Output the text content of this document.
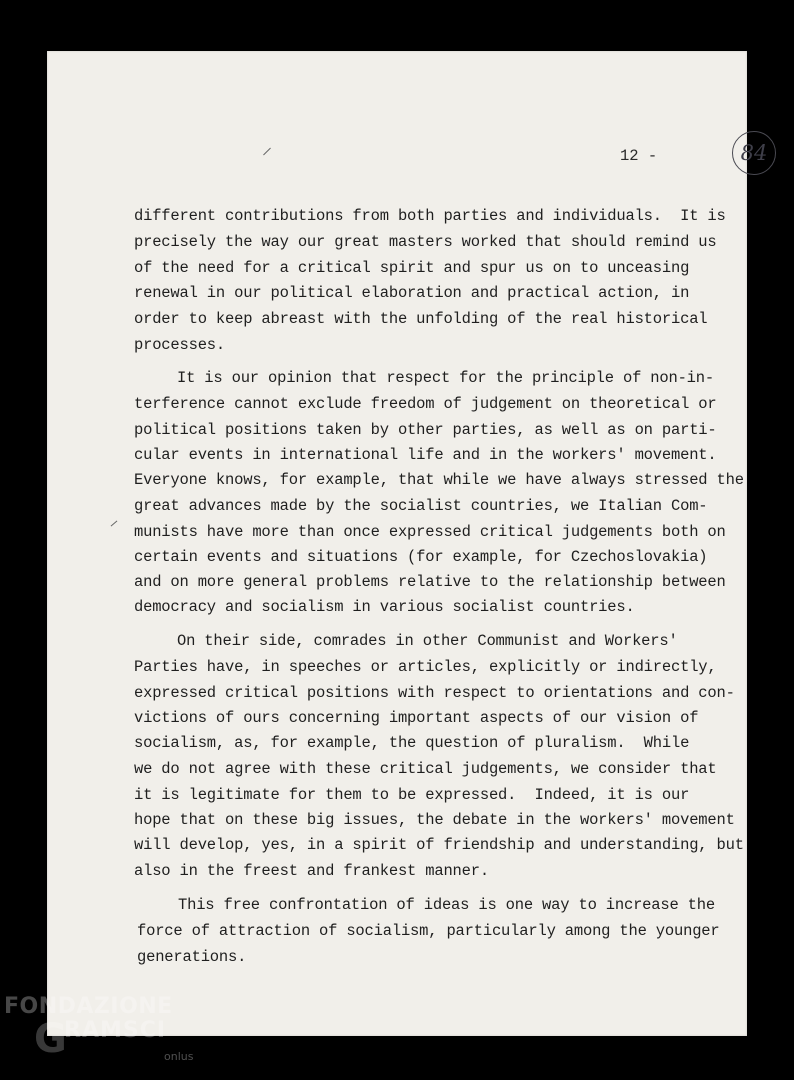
84
12 -
different contributions from both parties and individuals.  It is
precisely the way our great masters worked that should remind us
of the need for a critical spirit and spur us on to unceasing
renewal in our political elaboration and practical action, in
order to keep abreast with the unfolding of the real historical
processes.
It is our opinion that respect for the principle of non-in-
terference cannot exclude freedom of judgement on theoretical or
political positions taken by other parties, as well as on parti-
cular events in international life and in the workers' movement.
Everyone knows, for example, that while we have always stressed the
great advances made by the socialist countries, we Italian Com-
munists have more than once expressed critical judgements both on
certain events and situations (for example, for Czechoslovakia)
and on more general problems relative to the relationship between
democracy and socialism in various socialist countries.
On their side, comrades in other Communist and Workers'
Parties have, in speeches or articles, explicitly or indirectly,
expressed critical positions with respect to orientations and con-
victions of ours concerning important aspects of our vision of
socialism, as, for example, the question of pluralism.  While
we do not agree with these critical judgements, we consider that
it is legitimate for them to be expressed.  Indeed, it is our
hope that on these big issues, the debate in the workers' movement
will develop, yes, in a spirit of friendship and understanding, but
also in the freest and frankest manner.
This free confrontation of ideas is one way to increase the
force of attraction of socialism, particularly among the younger
generations.
FONDAZIONE
G
RAMSCI
onlus
